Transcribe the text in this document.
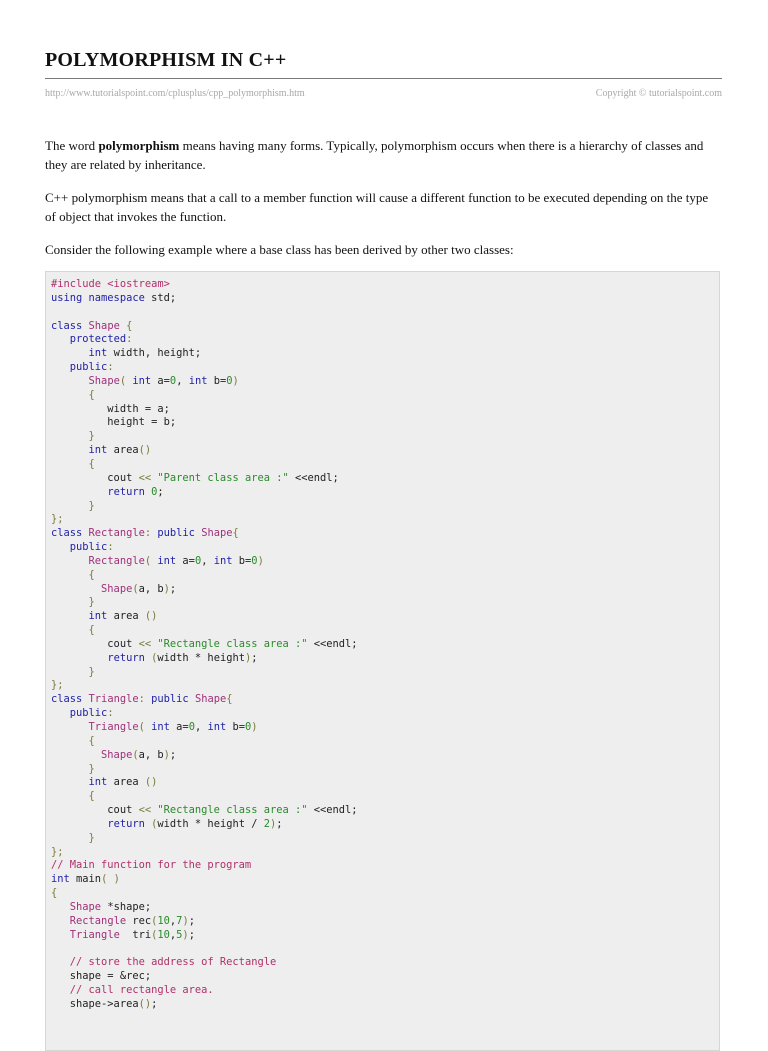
POLYMORPHISM IN C++
http://www.tutorialspoint.com/cplusplus/cpp_polymorphism.htm	Copyright © tutorialspoint.com
The word polymorphism means having many forms. Typically, polymorphism occurs when there is a hierarchy of classes and they are related by inheritance.
C++ polymorphism means that a call to a member function will cause a different function to be executed depending on the type of object that invokes the function.
Consider the following example where a base class has been derived by other two classes:
#include <iostream>
using namespace std;
class Shape {
protected:
int width, height;
public:
Shape( int a=0, int b=0)
{
width = a;
height = b;
}
int area()
{
cout << "Parent class area :" <<endl;
return 0;
}
};
class Rectangle: public Shape{
public:
Rectangle( int a=0, int b=0)
{
Shape(a, b);
}
int area ()
{
cout << "Rectangle class area :" <<endl;
return (width * height);
}
};
class Triangle: public Shape{
public:
Triangle( int a=0, int b=0)
{
Shape(a, b);
}
int area ()
{
cout << "Rectangle class area :" <<endl;
return (width * height / 2);
}
};
// Main function for the program
int main( )
{
Shape *shape;
Rectangle rec(10,7);
Triangle  tri(10,5);
// store the address of Rectangle
shape = &rec;
// call rectangle area.
shape->area();
